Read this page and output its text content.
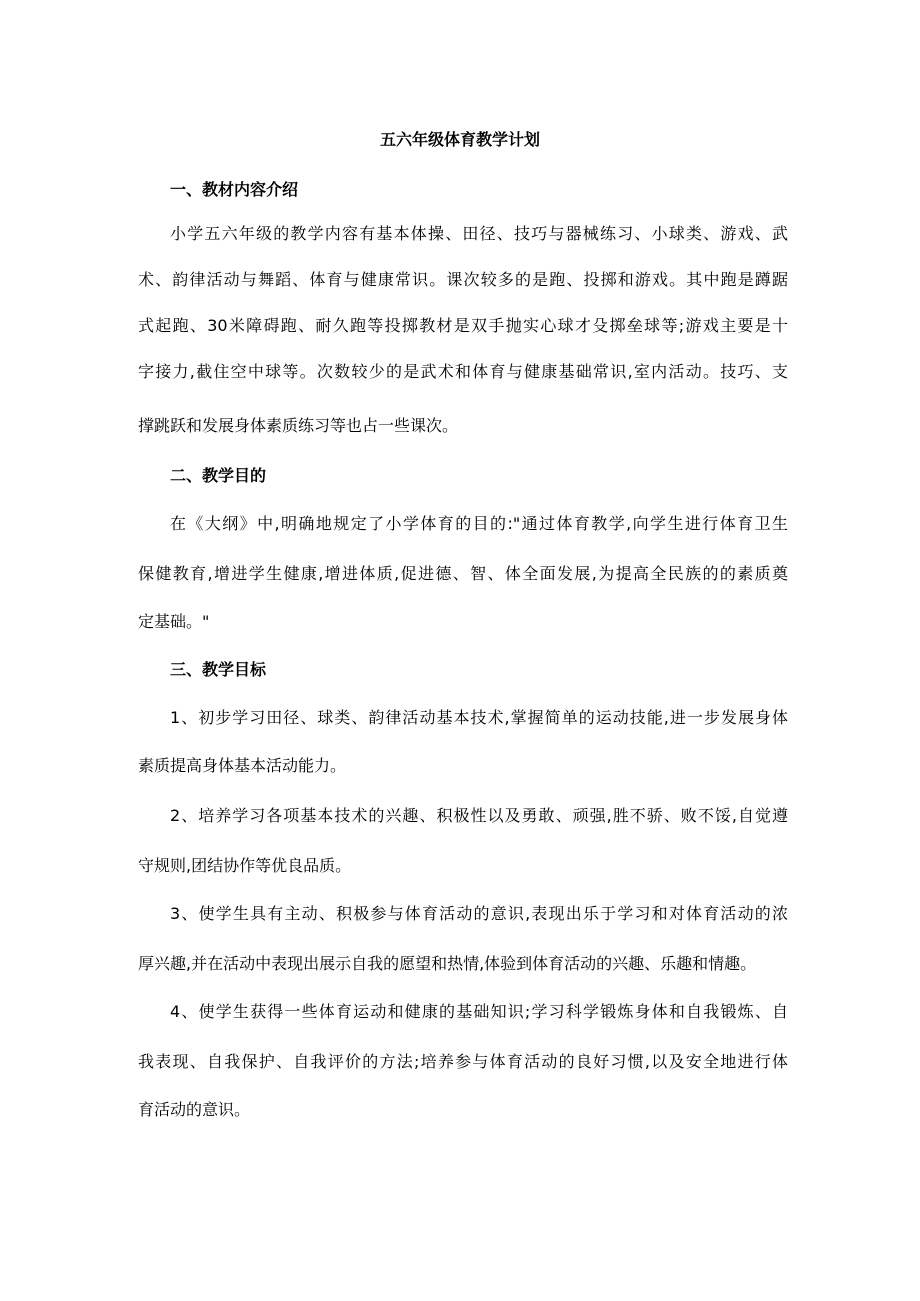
五六年级体育教学计划
一、教材内容介绍
小学五六年级的教学内容有基本体操、田径、技巧与器械练习、小球类、游戏、武
术、韵律活动与舞蹈、体育与健康常识。课次较多的是跑、投掷和游戏。其中跑是蹲踞
式起跑、30米障碍跑、耐久跑等投掷教材是双手抛实心球才殳掷垒球等;游戏主要是十
字接力,截住空中球等。次数较少的是武术和体育与健康基础常识,室内活动。技巧、支
撑跳跃和发展身体素质练习等也占一些课次。
二、教学目的
在《大纲》中,明确地规定了小学体育的目的:"通过体育教学,向学生进行体育卫生
保健教育,增进学生健康,增进体质,促进德、智、体全面发展,为提高全民族的的素质奠
定基础。"
三、教学目标
1、初步学习田径、球类、韵律活动基本技术,掌握简单的运动技能,进一步发展身体
素质提高身体基本活动能力。
2、培养学习各项基本技术的兴趣、积极性以及勇敢、顽强,胜不骄、败不馁,自觉遵
守规则,团结协作等优良品质。
3、使学生具有主动、积极参与体育活动的意识,表现出乐于学习和对体育活动的浓
厚兴趣,并在活动中表现出展示自我的愿望和热情,体验到体育活动的兴趣、乐趣和情趣。
4、使学生获得一些体育运动和健康的基础知识;学习科学锻炼身体和自我锻炼、自
我表现、自我保护、自我评价的方法;培养参与体育活动的良好习惯,以及安全地进行体
育活动的意识。
